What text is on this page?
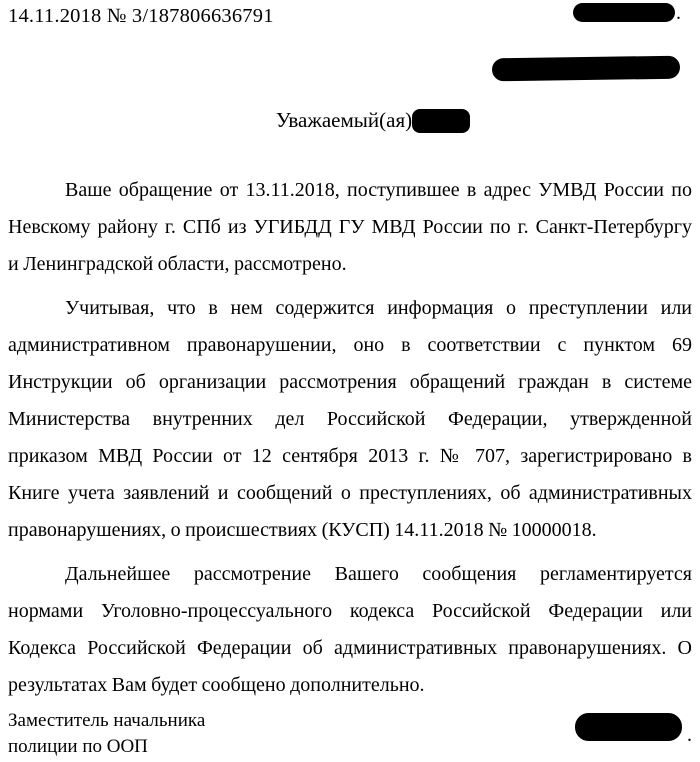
14.11.2018 № 3/187806636791	.
Уважаемый(ая)
Ваше обращение от 13.11.2018, поступившее в адрес УМВД России по
Невскому району г. СПб из УГИБДД ГУ МВД России по г. Санкт-Петербургу
и Ленинградской области, рассмотрено.
Учитывая, что в нем содержится информация о преступлении или
административном правонарушении, оно в соответствии с пунктом 69
Инструкции об организации рассмотрения обращений граждан в системе
Министерства внутренних дел Российской Федерации, утвержденной
приказом МВД России от 12 сентября 2013 г. № 707, зарегистрировано в
Книге учета заявлений и сообщений о преступлениях, об административных
правонарушениях, о происшествиях (КУСП) 14.11.2018 № 10000018.
Дальнейшее рассмотрение Вашего сообщения регламентируется
нормами Уголовно-процессуального кодекса Российской Федерации или
Кодекса Российской Федерации об административных правонарушениях. О
результатах Вам будет сообщено дополнительно.
Заместитель начальника
полиции по ООП
.
